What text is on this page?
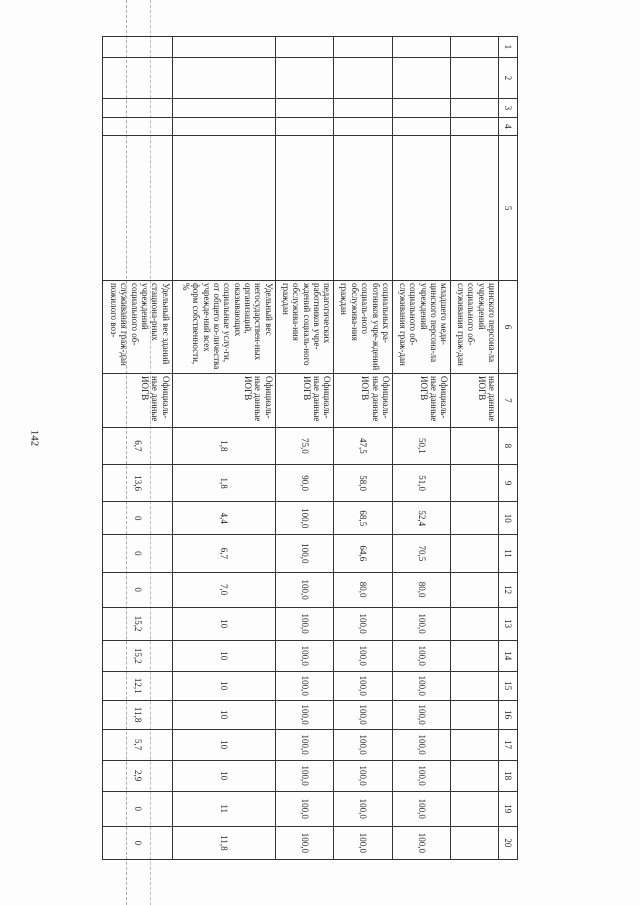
142
1	2	3	4	5	6	7	8	9	10	11	12	13	14	15	16	17	18	19	20
					цинского персона-ла учреждений социального об-служивания граж-дан	ные данные ИОГВ													
					младшего меди-цинского персона-ла учреждений социального об-служивания граж-дан	Официаль-ные данные ИОГВ	50,1	51,0	52,4	70,5	80,0	100,0	100,0	100,0	100,0	100,0	100,0	100,0	100,0
					социальных ра-ботников учре-ждений социаль-ного обслужива-ния граждан	Официаль-ные данные ИОГВ	47,5	58,0	68,5	64,6	80,0	100,0	100,0	100,0	100,0	100,0	100,0	100,0	100,0
					педагогических работников учре-ждений социаль-ного обслужива-ния граждан	Официаль-ные данные ИОГВ	75,0	90,0	100,0	100,0	100,0	100,0	100,0	100,0	100,0	100,0	100,0	100,0	100,0
					Удельный вес негосударствен-ных организаций, оказывающих социальные услу-ги, от общего ко-личества учрежде-ний всех форм собственности, %	Официаль-ные данные ИОГВ	1,8	1,8	4,4	6,7	7,0	10	10	10	10	10	10	11	11,8
					Удельный вес зданий стациона-рных учреждений социального об-служивания граж-дан пожилого воз-	Официаль-ные данные ИОГВ	6,7	13,6	0	0	0	15,2	15,2	12,1	11,8	5,7	2,9	0	0
